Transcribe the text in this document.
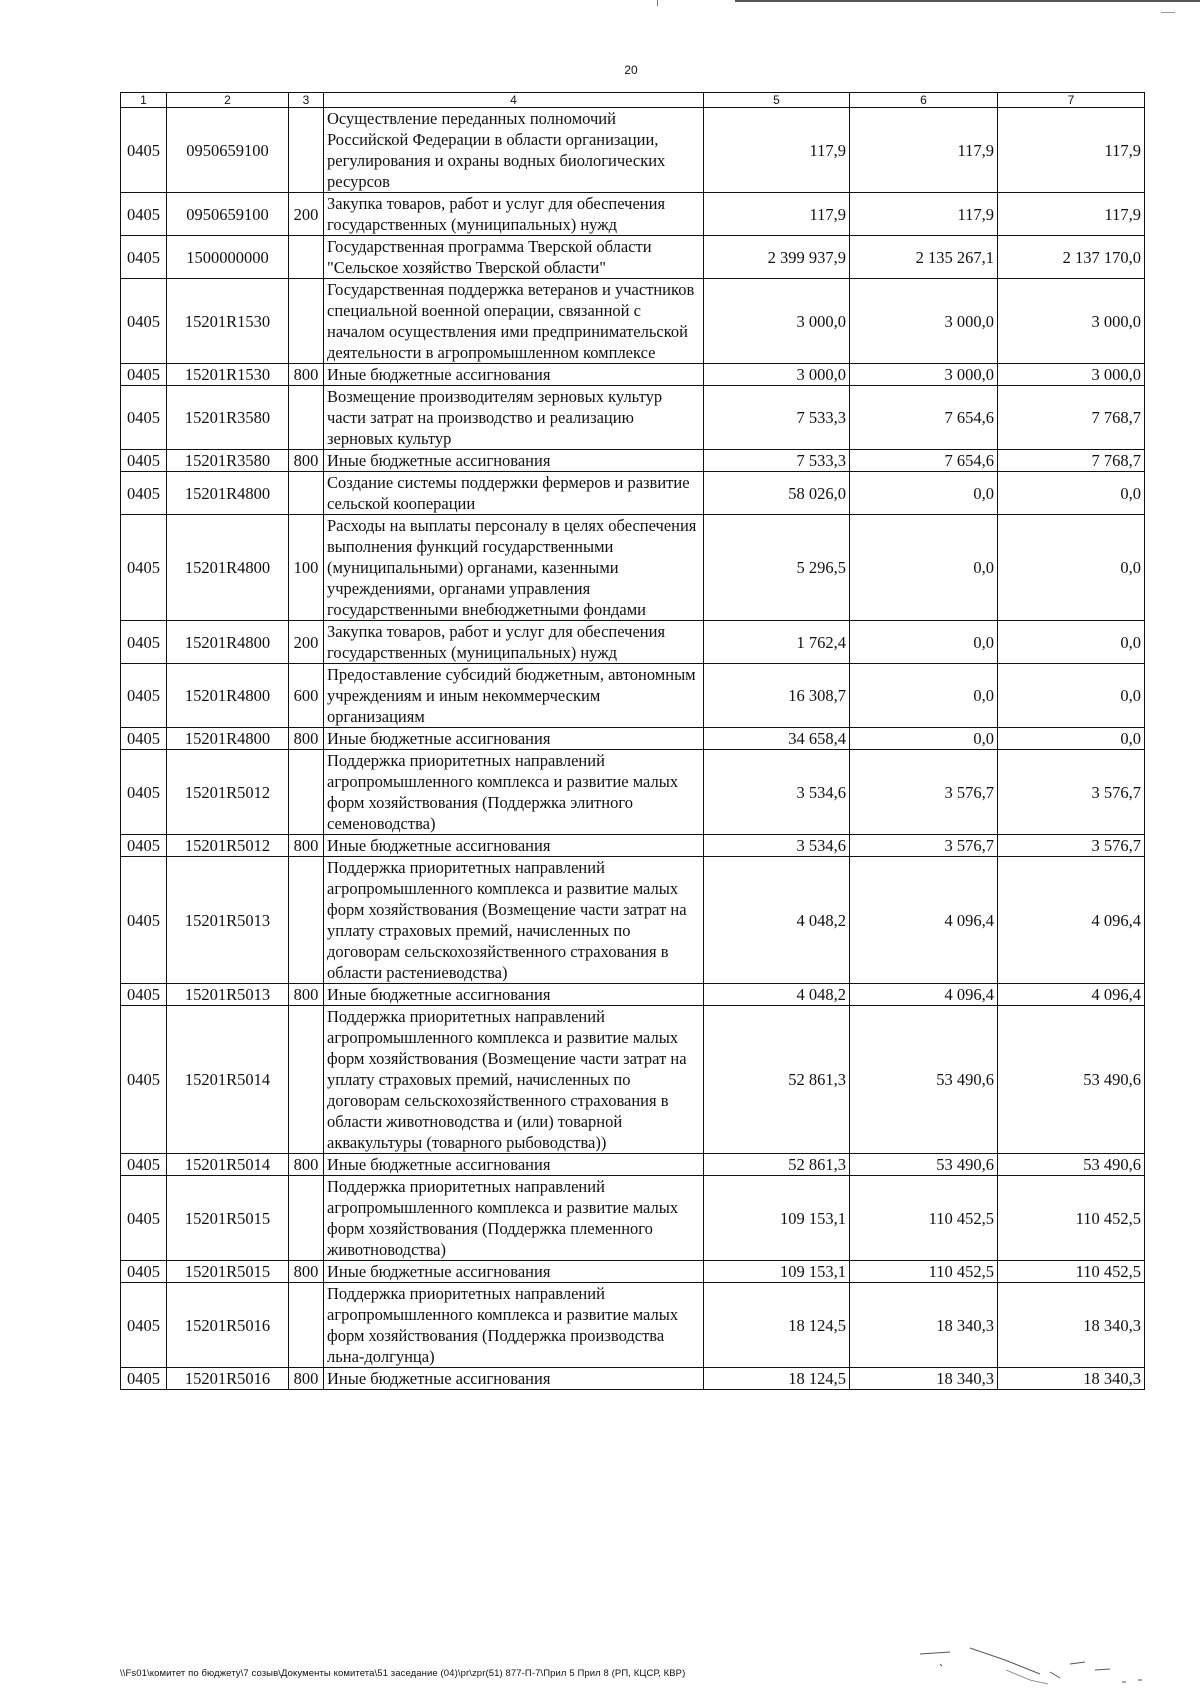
20
1	2	3	4	5	6	7
0405	0950659100		Осуществление переданных полномочий Российской Федерации в области организации, регулирования и охраны водных биологических ресурсов	117,9	117,9	117,9
0405	0950659100	200	Закупка товаров, работ и услуг для обеспечения государственных (муниципальных) нужд	117,9	117,9	117,9
0405	1500000000		Государственная программа Тверской области "Сельское хозяйство Тверской области"	2 399 937,9	2 135 267,1	2 137 170,0
0405	15201R1530		Государственная поддержка ветеранов и участников специальной военной операции, связанной с началом осуществления ими предпринимательской деятельности в агропромышленном комплексе	3 000,0	3 000,0	3 000,0
0405	15201R1530	800	Иные бюджетные ассигнования	3 000,0	3 000,0	3 000,0
0405	15201R3580		Возмещение производителям зерновых культур части затрат на производство и реализацию зерновых культур	7 533,3	7 654,6	7 768,7
0405	15201R3580	800	Иные бюджетные ассигнования	7 533,3	7 654,6	7 768,7
0405	15201R4800		Создание системы поддержки фермеров и развитие сельской кооперации	58 026,0	0,0	0,0
0405	15201R4800	100	Расходы на выплаты персоналу в целях обеспечения выполнения функций государственными (муниципальными) органами, казенными учреждениями, органами управления государственными внебюджетными фондами	5 296,5	0,0	0,0
0405	15201R4800	200	Закупка товаров, работ и услуг для обеспечения государственных (муниципальных) нужд	1 762,4	0,0	0,0
0405	15201R4800	600	Предоставление субсидий бюджетным, автономным учреждениям и иным некоммерческим организациям	16 308,7	0,0	0,0
0405	15201R4800	800	Иные бюджетные ассигнования	34 658,4	0,0	0,0
0405	15201R5012		Поддержка приоритетных направлений агропромышленного комплекса и развитие малых форм хозяйствования (Поддержка элитного семеноводства)	3 534,6	3 576,7	3 576,7
0405	15201R5012	800	Иные бюджетные ассигнования	3 534,6	3 576,7	3 576,7
0405	15201R5013		Поддержка приоритетных направлений агропромышленного комплекса и развитие малых форм хозяйствования (Возмещение части затрат на уплату страховых премий, начисленных по договорам сельскохозяйственного страхования в области растениеводства)	4 048,2	4 096,4	4 096,4
0405	15201R5013	800	Иные бюджетные ассигнования	4 048,2	4 096,4	4 096,4
0405	15201R5014		Поддержка приоритетных направлений агропромышленного комплекса и развитие малых форм хозяйствования (Возмещение части затрат на уплату страховых премий, начисленных по договорам сельскохозяйственного страхования в области животноводства и (или) товарной аквакультуры (товарного рыбоводства))	52 861,3	53 490,6	53 490,6
0405	15201R5014	800	Иные бюджетные ассигнования	52 861,3	53 490,6	53 490,6
0405	15201R5015		Поддержка приоритетных направлений агропромышленного комплекса и развитие малых форм хозяйствования (Поддержка племенного животноводства)	109 153,1	110 452,5	110 452,5
0405	15201R5015	800	Иные бюджетные ассигнования	109 153,1	110 452,5	110 452,5
0405	15201R5016		Поддержка приоритетных направлений агропромышленного комплекса и развитие малых форм хозяйствования (Поддержка производства льна-долгунца)	18 124,5	18 340,3	18 340,3
0405	15201R5016	800	Иные бюджетные ассигнования	18 124,5	18 340,3	18 340,3
\\Fs01\комитет по бюджету\7 созыв\Документы комитета\51 заседание (04)\pr\zpr(51) 877-П-7\Прил 5 Прил 8 (РП, КЦСР, КВР)
